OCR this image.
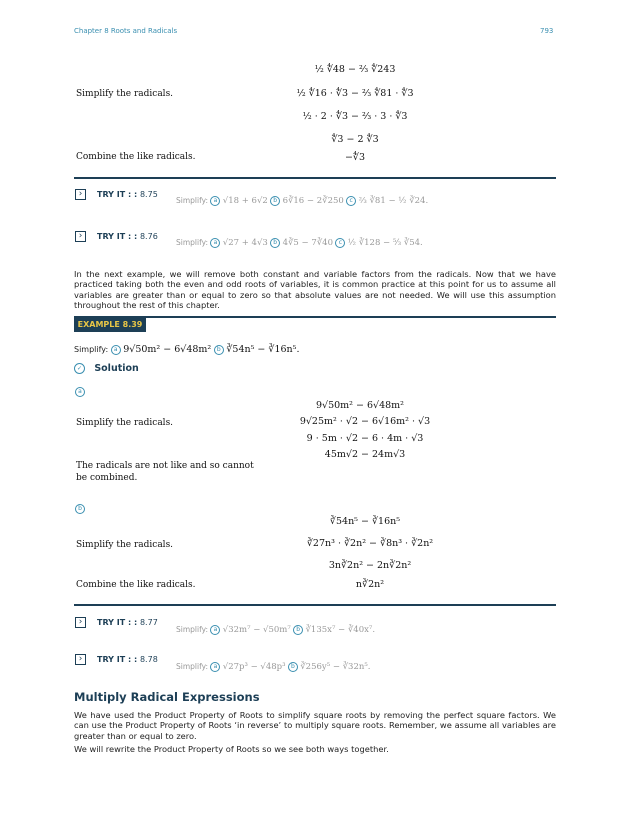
Chapter 8 Roots and Radicals	793
½ ∜48 − ⅔ ∜243
Simplify the radicals.	½ ∜16 · ∜3 − ⅔ ∜81 · ∜3
½ · 2 · ∜3 − ⅔ · 3 · ∜3
∜3 − 2 ∜3
Combine the like radicals.	−∜3
›	TRY IT : : 8.75
Simplify: a √18 + 6√2 b 6∛16 − 2∛250 c ⅔ ∛81 − ½ ∛24.
›	TRY IT : : 8.76
Simplify: a √27 + 4√3 b 4∛5 − 7∛40 c ½ ∛128 − ⁵⁄₃ ∛54.
In the next example, we will remove both constant and variable factors from the radicals. Now that we have practiced taking both the even and odd roots of variables, it is common practice at this point for us to assume all variables are greater than or equal to zero so that absolute values are not needed. We will use this assumption throughout the rest of this chapter.
EXAMPLE 8.39
Simplify: a 9√50m² − 6√48m² b ∛54n⁵ − ∛16n⁵.
✓ Solution
a
9√50m² − 6√48m²
Simplify the radicals.	9√25m² · √2 − 6√16m² · √3
9 · 5m · √2 − 6 · 4m · √3
45m√2 − 24m√3
The radicals are not like and so cannot be combined.
b
∛54n⁵ − ∛16n⁵
Simplify the radicals.	∛27n³ · ∛2n² − ∛8n³ · ∛2n²
3n∛2n² − 2n∛2n²
Combine the like radicals.	n∛2n²
›	TRY IT : : 8.77
Simplify: a √32m⁷ − √50m⁷ b ∛135x⁷ − ∛40x⁷.
›	TRY IT : : 8.78
Simplify: a √27p³ − √48p³ b ∛256y⁵ − ∛32n⁵.
Multiply Radical Expressions
We have used the Product Property of Roots to simplify square roots by removing the perfect square factors. We can use the Product Property of Roots ‘in reverse’ to multiply square roots. Remember, we assume all variables are greater than or equal to zero.
We will rewrite the Product Property of Roots so we see both ways together.
